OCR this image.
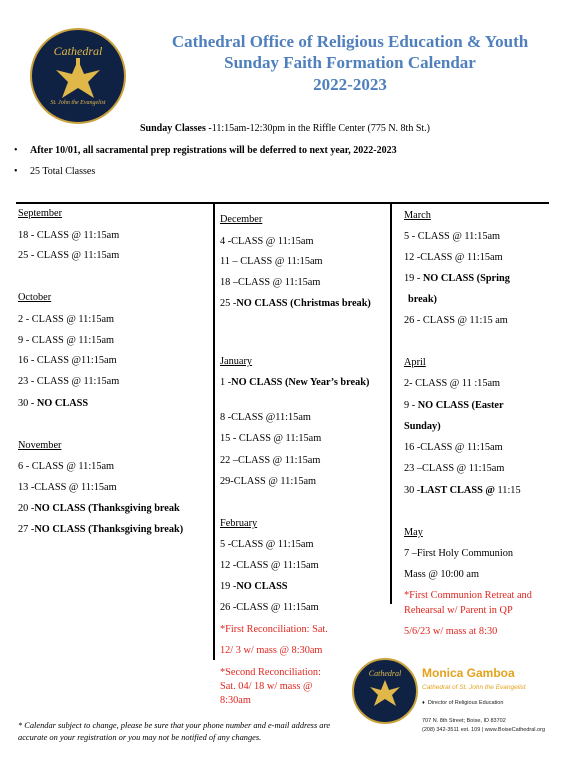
Cathedral
St. John the Evangelist
Cathedral Office of Religious Education & Youth
Sunday Faith Formation Calendar
2022-2023
Sunday Classes -11:15am-12:30pm in the Riffle Center (775 N. 8th St.)
• After 10/01, all sacramental prep registrations will be deferred to next year, 2022-2023
• 25 Total Classes
September
18 - CLASS @ 11:15am
25 - CLASS @ 11:15am
October
2 - CLASS @ 11:15am
9 - CLASS @ 11:15am
16 - CLASS @11:15am
23 - CLASS @ 11:15am
30 - NO CLASS
November
6 - CLASS @ 11:15am
13 -CLASS @ 11:15am
20 -NO CLASS (Thanksgiving break
27 -NO CLASS (Thanksgiving break)
December
4 -CLASS @ 11:15am
11 – CLASS @ 11:15am
18 –CLASS @ 11:15am
25 -NO CLASS (Christmas break)
January
1 -NO CLASS (New Year’s break)
8 -CLASS @11:15am
15 - CLASS @ 11:15am
22 –CLASS @ 11:15am
29-CLASS @ 11:15am
February
5 -CLASS @ 11:15am
12 -CLASS @ 11:15am
19 -NO CLASS
26 -CLASS @ 11:15am
*First Reconciliation: Sat.
12/ 3 w/ mass @ 8:30am
*Second Reconciliation:
Sat. 04/ 18 w/ mass @
8:30am
March
5 - CLASS @ 11:15am
12 -CLASS @ 11:15am
19 - NO CLASS (Spring
break)
26 - CLASS @ 11:15 am
April
2- CLASS @ 11 :15am
9 - NO CLASS (Easter
Sunday)
16 -CLASS @ 11:15am
23 –CLASS @ 11:15am
30 -LAST CLASS @ 11:15
May
7 –First Holy Communion
Mass @ 10:00 am
*First Communion Retreat and
Rehearsal w/ Parent in QP
5/6/23 w/ mass at 8:30
Cathedral	Monica Gamboa
Cathedral of St. John the Evangelist
♦ Director of Religious Education
707 N. 8th Street; Boise, ID 83702
(208) 342-3511 ext. 109 | www.BoiseCathedral.org
* Calendar subject to change, please be sure that your phone number and e-mail address are accurate on your registration or you may not be notified of any changes.
